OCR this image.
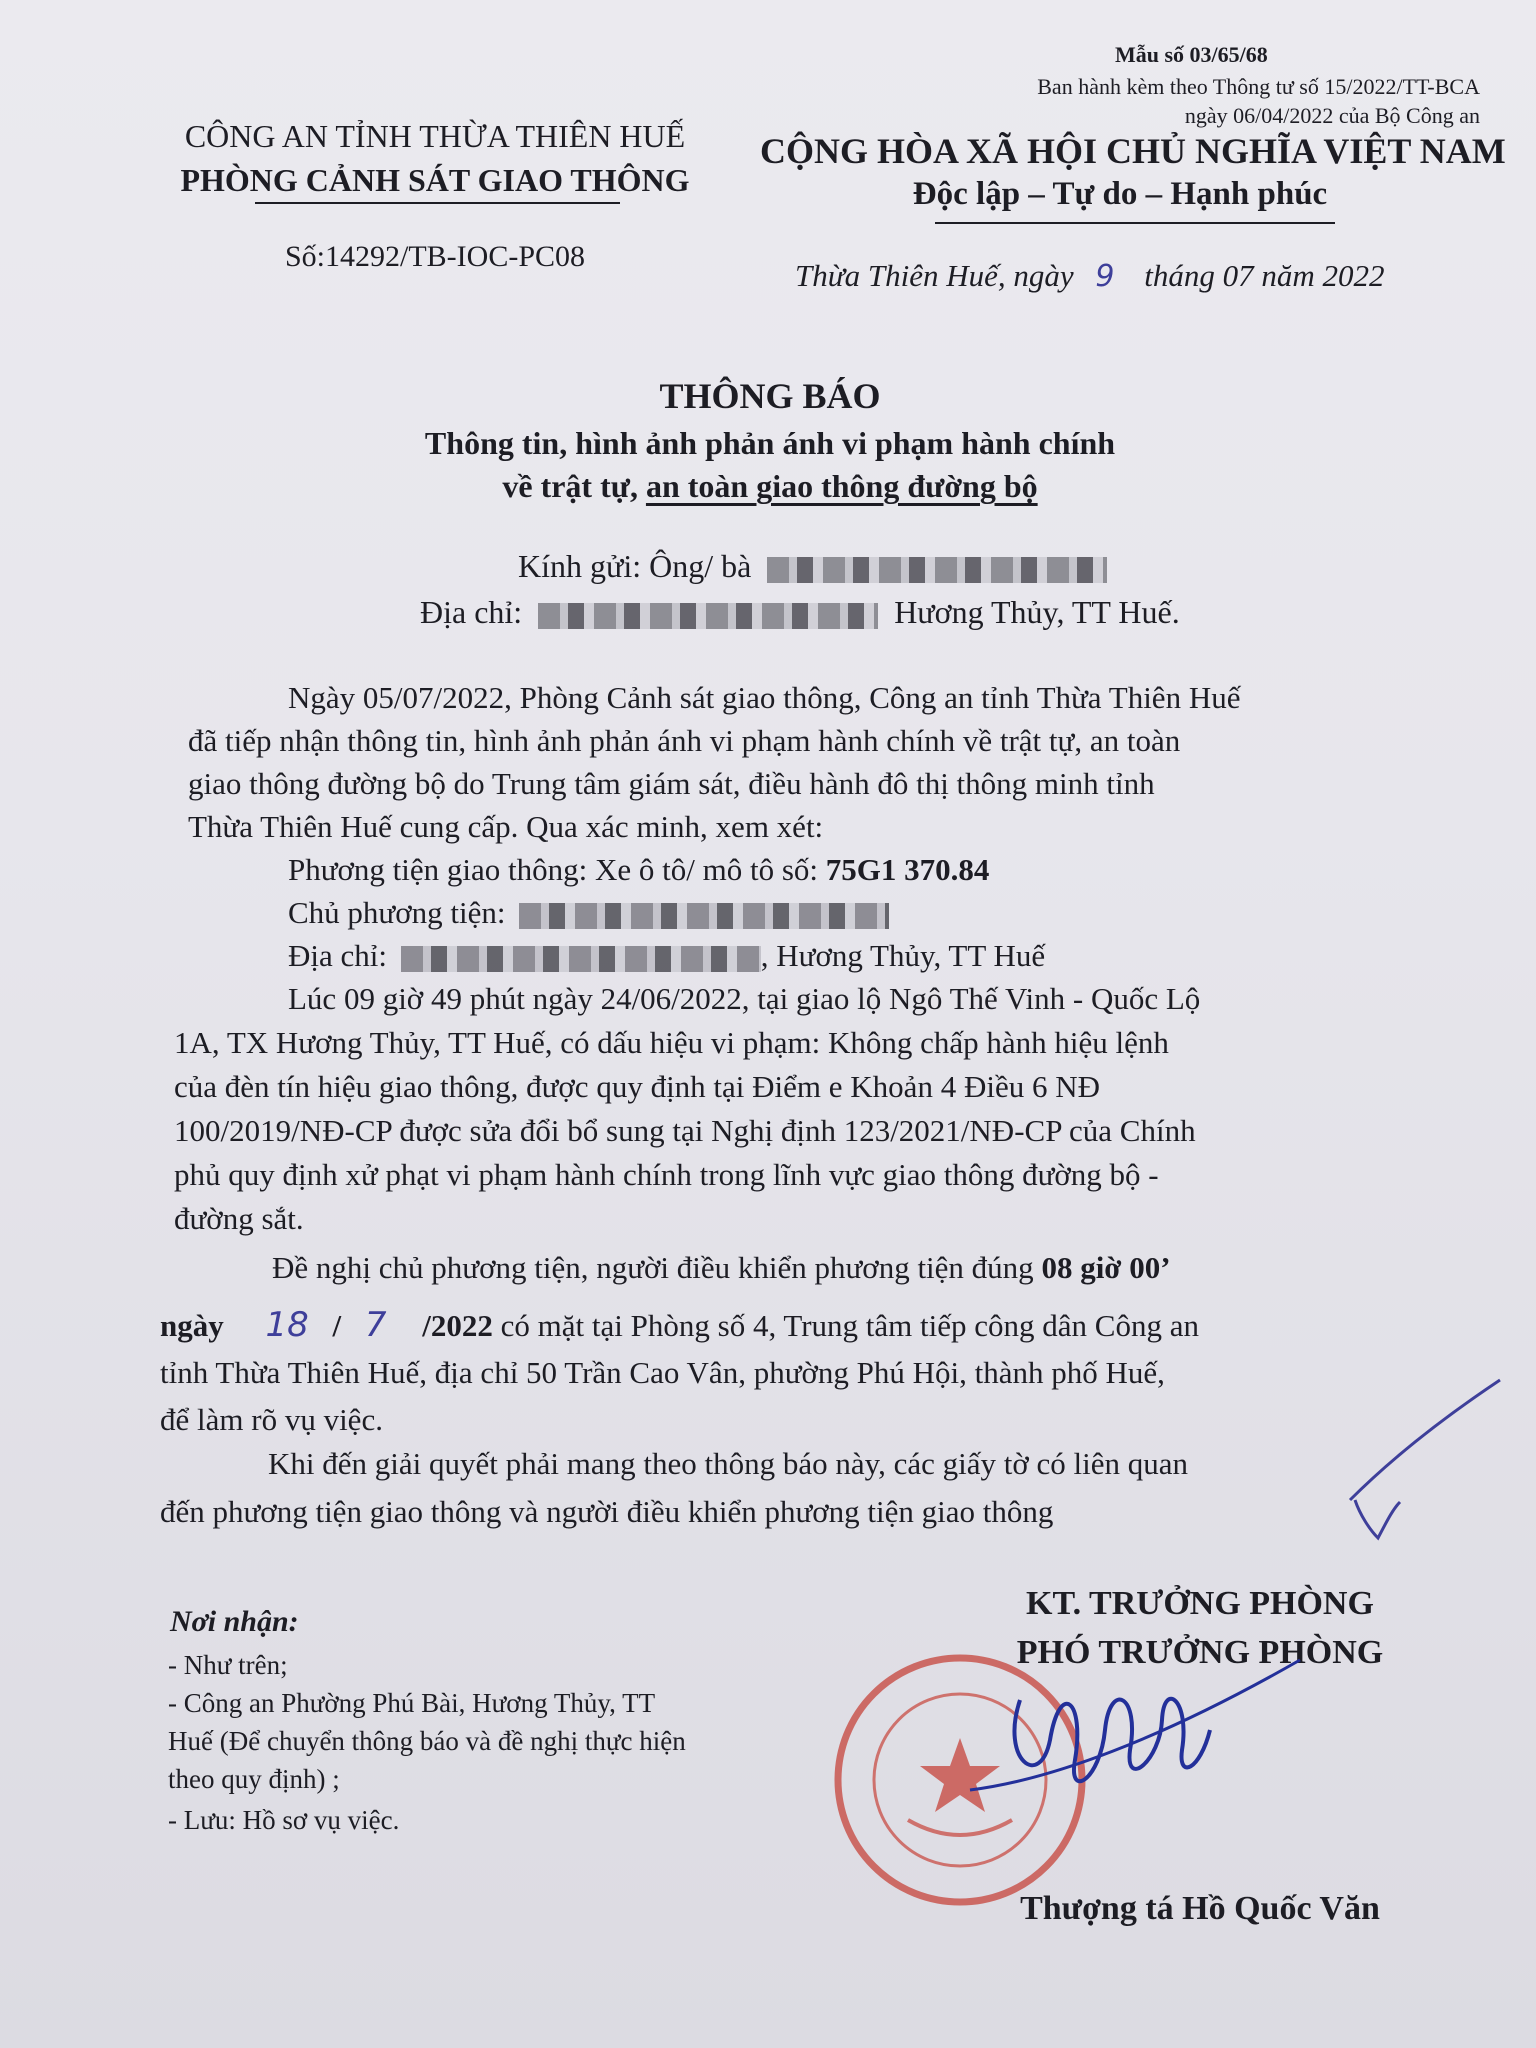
Mẫu số 03/65/68
Ban hành kèm theo Thông tư số 15/2022/TT-BCA
ngày 06/04/2022 của Bộ Công an
CÔNG AN TỈNH THỪA THIÊN HUẾ
PHÒNG CẢNH SÁT GIAO THÔNG
CỘNG HÒA XÃ HỘI CHỦ NGHĨA VIỆT NAM
Độc lập – Tự do – Hạnh phúc
Số:14292/TB-IOC-PC08
Thừa Thiên Huế, ngày 9 tháng 07 năm 2022
THÔNG BÁO
Thông tin, hình ảnh phản ánh vi phạm hành chính
về trật tự, an toàn giao thông đường bộ
Kính gửi: Ông/ bà
Địa chỉ:	Hương Thủy, TT Huế.
Ngày 05/07/2022, Phòng Cảnh sát giao thông, Công an tỉnh Thừa Thiên Huế
đã tiếp nhận thông tin, hình ảnh phản ánh vi phạm hành chính về trật tự, an toàn
giao thông đường bộ do Trung tâm giám sát, điều hành đô thị thông minh tỉnh
Thừa Thiên Huế cung cấp. Qua xác minh, xem xét:
Phương tiện giao thông: Xe ô tô/ mô tô số: 75G1 370.84
Chủ phương tiện:
Địa chỉ:	, Hương Thủy, TT Huế
Lúc 09 giờ 49 phút ngày 24/06/2022, tại giao lộ Ngô Thế Vinh - Quốc Lộ
1A, TX Hương Thủy, TT Huế, có dấu hiệu vi phạm: Không chấp hành hiệu lệnh
của đèn tín hiệu giao thông, được quy định tại Điểm e Khoản 4 Điều 6 NĐ
100/2019/NĐ-CP được sửa đổi bổ sung tại Nghị định 123/2021/NĐ-CP của Chính
phủ quy định xử phạt vi phạm hành chính trong lĩnh vực giao thông đường bộ -
đường sắt.
Đề nghị chủ phương tiện, người điều khiển phương tiện đúng 08 giờ 00’
ngày 18 / 7 /2022 có mặt tại Phòng số 4, Trung tâm tiếp công dân Công an
tỉnh Thừa Thiên Huế, địa chỉ 50 Trần Cao Vân, phường Phú Hội, thành phố Huế,
để làm rõ vụ việc.
Khi đến giải quyết phải mang theo thông báo này, các giấy tờ có liên quan
đến phương tiện giao thông và người điều khiển phương tiện giao thông
Nơi nhận:
- Như trên;
- Công an Phường Phú Bài, Hương Thủy, TT
Huế (Để chuyển thông báo và đề nghị thực hiện
theo quy định) ;
- Lưu: Hồ sơ vụ việc.
KT. TRƯỞNG PHÒNG
PHÓ TRƯỞNG PHÒNG
Thượng tá Hồ Quốc Văn
